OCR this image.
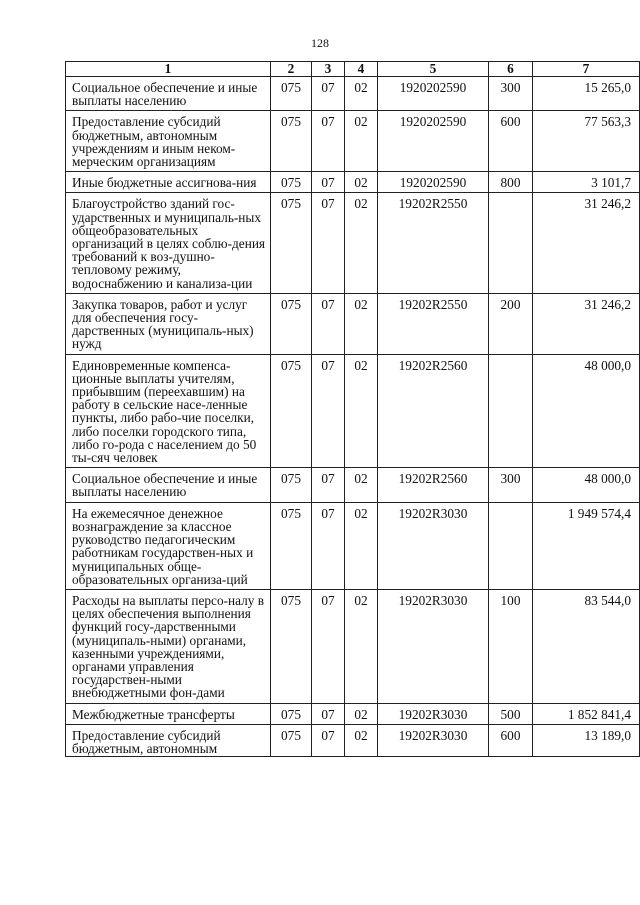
128
1	2	3	4	5	6	7
Социальное обеспечение и иные выплаты населению	075	07	02	1920202590	300	15 265,0
Предоставление субсидий бюджетным, автономным учреждениям и иным неком-мерческим организациям	075	07	02	1920202590	600	77 563,3
Иные бюджетные ассигнова-ния	075	07	02	1920202590	800	3 101,7
Благоустройство зданий гос-ударственных и муниципаль-ных общеобразовательных организаций в целях соблю-дения требований к воз-душно-тепловому режиму, водоснабжению и канализа-ции	075	07	02	19202R2550		31 246,2
Закупка товаров, работ и услуг для обеспечения госу-дарственных (муниципаль-ных) нужд	075	07	02	19202R2550	200	31 246,2
Единовременные компенса-ционные выплаты учителям, прибывшим (переехавшим) на работу в сельские насе-ленные пункты, либо рабо-чие поселки, либо поселки городского типа, либо го-рода с населением до 50 ты-сяч человек	075	07	02	19202R2560		48 000,0
Социальное обеспечение и иные выплаты населению	075	07	02	19202R2560	300	48 000,0
На ежемесячное денежное вознаграждение за классное руководство педагогическим работникам государствен-ных и муниципальных обще-образовательных организа-ций	075	07	02	19202R3030		1 949 574,4
Расходы на выплаты персо-налу в целях обеспечения выполнения функций госу-дарственными (муниципаль-ными) органами, казенными учреждениями, органами управления государствен-ными внебюджетными фон-дами	075	07	02	19202R3030	100	83 544,0
Межбюджетные трансферты	075	07	02	19202R3030	500	1 852 841,4
Предоставление субсидий бюджетным, автономным	075	07	02	19202R3030	600	13 189,0
